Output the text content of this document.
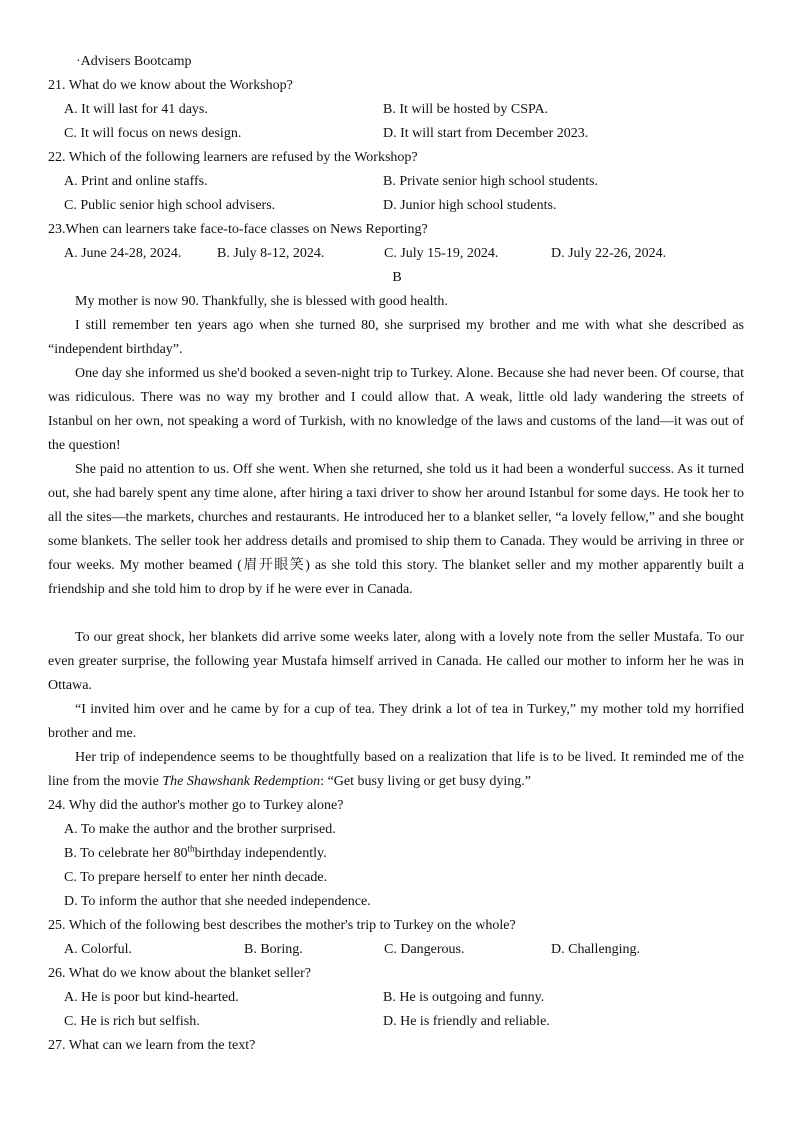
·Advisers Bootcamp
21. What do we know about the Workshop?
A. It will last for 41 days.	B. It will be hosted by CSPA.
C. It will focus on news design.	D. It will start from December 2023.
22. Which of the following learners are refused by the Workshop?
A. Print and online staffs.	B. Private senior high school students.
C. Public senior high school advisers.	D. Junior high school students.
23.When can learners take face-to-face classes on News Reporting?
A. June 24-28, 2024.	B. July 8-12, 2024.	C. July 15-19, 2024.	D. July 22-26, 2024.
B
My mother is now 90. Thankfully, she is blessed with good health.
I still remember ten years ago when she turned 80, she surprised my brother and me with what she described as “independent birthday”.
One day she informed us she'd booked a seven-night trip to Turkey. Alone. Because she had never been. Of course, that was ridiculous. There was no way my brother and I could allow that. A weak, little old lady wandering the streets of Istanbul on her own, not speaking a word of Turkish, with no knowledge of the laws and customs of the land—it was out of the question!
She paid no attention to us. Off she went. When she returned, she told us it had been a wonderful success. As it turned out, she had barely spent any time alone, after hiring a taxi driver to show her around Istanbul for some days. He took her to all the sites—the markets, churches and restaurants. He introduced her to a blanket seller, “a lovely fellow,” and she bought some blankets. The seller took her address details and promised to ship them to Canada. They would be arriving in three or four weeks. My mother beamed (眉开眼笑) as she told this story. The blanket seller and my mother apparently built a friendship and she told him to drop by if he were ever in Canada.
To our great shock, her blankets did arrive some weeks later, along with a lovely note from the seller Mustafa. To our even greater surprise, the following year Mustafa himself arrived in Canada. He called our mother to inform her he was in Ottawa.
“I invited him over and he came by for a cup of tea. They drink a lot of tea in Turkey,” my mother told my horrified brother and me.
Her trip of independence seems to be thoughtfully based on a realization that life is to be lived. It reminded me of the line from the movie The Shawshank Redemption: “Get busy living or get busy dying.”
24. Why did the author's mother go to Turkey alone?
A. To make the author and the brother surprised.
B. To celebrate her 80thbirthday independently.
C. To prepare herself to enter her ninth decade.
D. To inform the author that she needed independence.
25. Which of the following best describes the mother's trip to Turkey on the whole?
A. Colorful.	B. Boring.	C. Dangerous.	D. Challenging.
26. What do we know about the blanket seller?
A. He is poor but kind-hearted.	B. He is outgoing and funny.
C. He is rich but selfish.	D. He is friendly and reliable.
27. What can we learn from the text?
